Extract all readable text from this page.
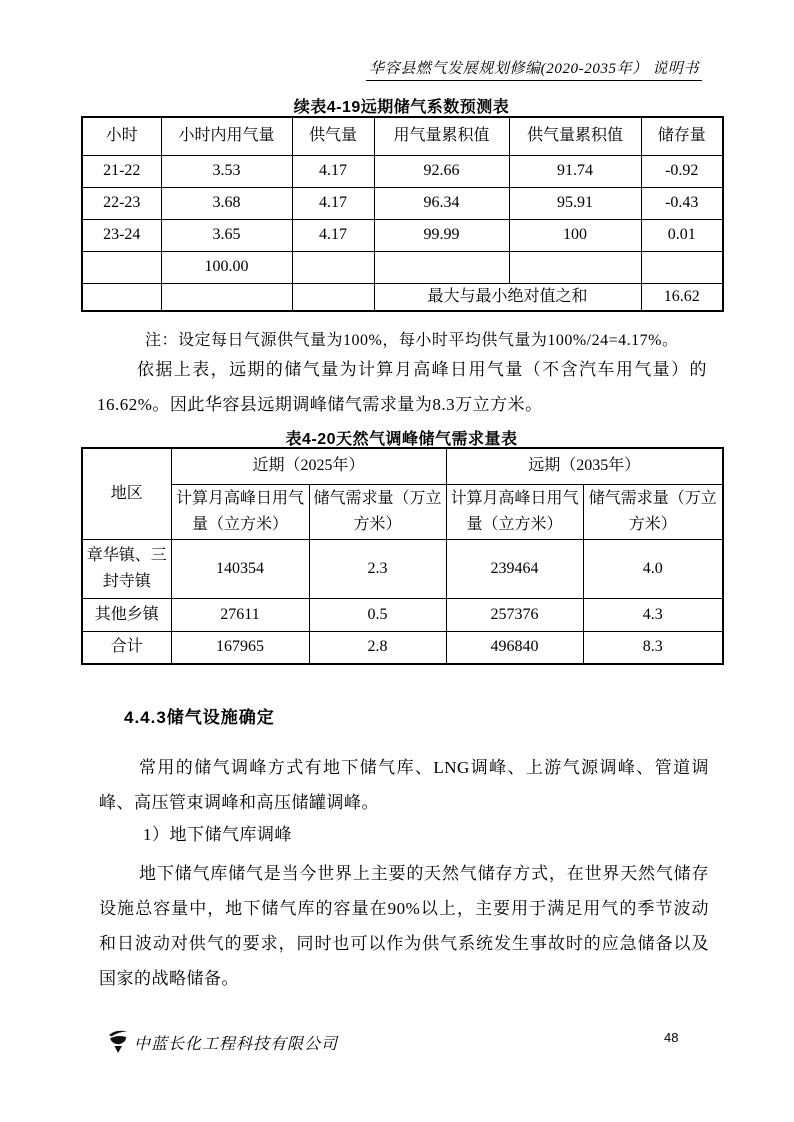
华容县燃气发展规划修编(2020-2035年） 说明书
续表4-19远期储气系数预测表
小时	小时内用气量	供气量	用气量累积值	供气量累积值	储存量
21-22	3.53	4.17	92.66	91.74	-0.92
22-23	3.68	4.17	96.34	95.91	-0.43
23-24	3.65	4.17	99.99	100	0.01
	100.00				
			最大与最小绝对值之和		16.62
注：设定每日气源供气量为100%，每小时平均供气量为100%/24=4.17%。
依据上表，远期的储气量为计算月高峰日用气量（不含汽车用气量）的16.62%。因此华容县远期调峰储气需求量为8.3万立方米。
表4-20天然气调峰储气需求量表
地区	近期（2025年）		远期（2035年）	
	计算月高峰日用气量（立方米）	储气需求量（万立方米）	计算月高峰日用气量（立方米）	储气需求量（万立方米）
章华镇、三封寺镇	140354	2.3	239464	4.0
其他乡镇	27611	0.5	257376	4.3
合计	167965	2.8	496840	8.3
4.4.3储气设施确定
常用的储气调峰方式有地下储气库、LNG调峰、上游气源调峰、管道调峰、高压管束调峰和高压储罐调峰。
1）地下储气库调峰
地下储气库储气是当今世界上主要的天然气储存方式，在世界天然气储存设施总容量中，地下储气库的容量在90%以上，主要用于满足用气的季节波动和日波动对供气的要求，同时也可以作为供气系统发生事故时的应急储备以及国家的战略储备。
中蓝长化工程科技有限公司	48
